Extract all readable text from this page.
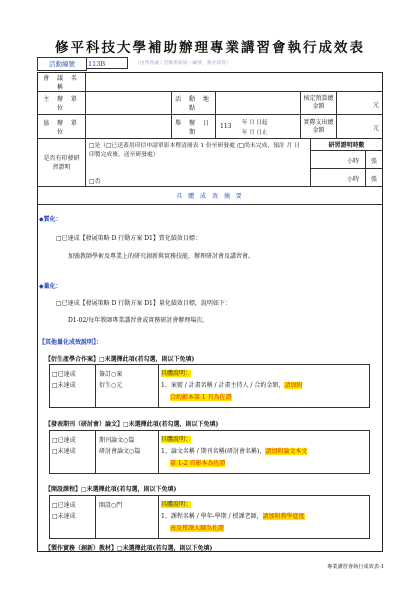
修平科技大學補助辦理專業講習會執行成效表
活動編號	113B	（由學務處 / 活動系統統一編號，務必填寫）
會 議 名 稱
主 辦 單 位
活 動 地 點
核定預算總金額	元
協 辦 單 位
舉 辦 日 期
113 年 月 日起
年 月 日止
實際支出總金額	元
是否有印發研習證明
□是（□已送蓋用印信申請單影本暨清冊表 1 份至研發處 /□尚未完成，預計 月 日印製完成後，送至研發處）
□否
研習證明時數
小時 張
小時 張
具 體 成 效 摘 要
◆質化：
□已達成【發展策略 D 行動方案 D1】質化績效目標：
加強教師學術及專業上的研究創新與實務技能，辦理研討會及講習會。
◆量化：
□已達成【發展策略 D 行動方案 D1】量化績效目標，說明如下：
D1-02/每年教師專業講習會或實務研討會辦理場次。
【其他量化成效說明】：
【衍生產學合作案】□未選擇此項(若勾選，則以下免填)
□已達成
□未達成
簽訂○案
衍生○元
具體說明：
1、案號 / 計畫名稱 / 計畫主持人 / 合約金額，請加附
合約影本第 1 頁為佐證
【發表期刊（研討會）論文】□未選擇此項(若勾選，則以下免填)
□已達成
□未達成
期刊論文○篇
研討會論文○篇
具體說明：
1、論文名稱 / 期刊名稱(研討會名稱)，請加附論文本文
第 1-2 頁影本為佐證
【開設課程】□未選擇此項(若勾選，則以下免填)
□已達成
□未達成
開設○門	具體說明：
1、課程名稱 / 學年-學期 / 授課老師，請加附教學進度
表及授課大綱為佐證
【製作實務（創新）教材】□未選擇此項(若勾選，則以下免填)
專業講習會執行成效表-1
